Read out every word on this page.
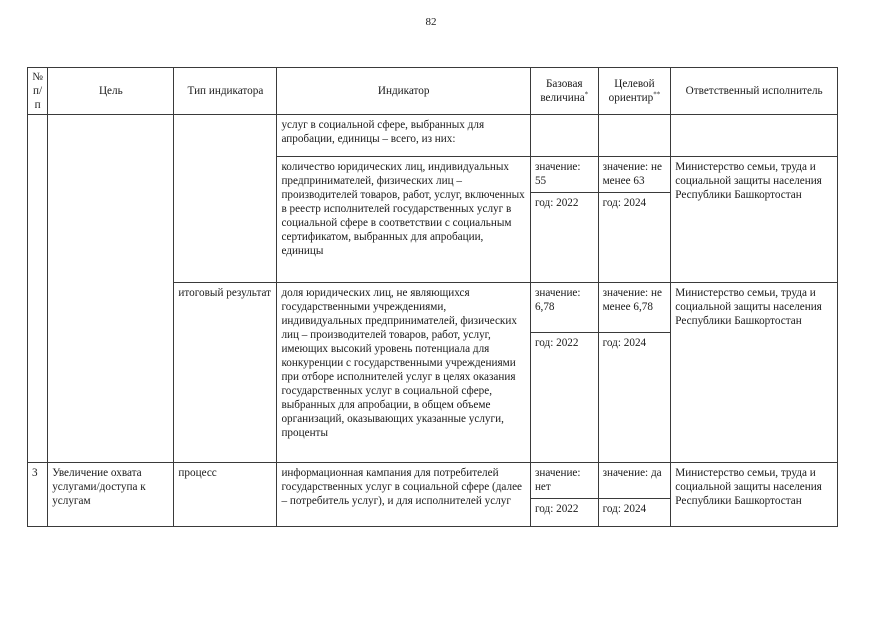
82
№ п/п	Цель	Тип индикатора	Индикатор	Базовая величина*	Целевой ориентир**	Ответственный исполнитель
			услуг в социальной сфере, выбранных для апробации, единицы – всего, из них:			
			количество юридических лиц, индивидуальных предпринимателей, физических лиц – производителей товаров, работ, услуг, включенных в реестр исполнителей государственных услуг в социальной сфере в соответствии с социальным сертификатом, выбранных для апробации, единицы	значение: 55	значение: не менее 63	Министерство семьи, труда и социальной защиты населения Республики Башкортостан
				год: 2022	год: 2024	
		итоговый результат	доля юридических лиц, не являющихся государственными учреждениями, индивидуальных предпринимателей, физических лиц – производителей товаров, работ, услуг, имеющих высокий уровень потенциала для конкуренции с государственными учреждениями при отборе исполнителей услуг в целях оказания государственных услуг в социальной сфере, выбранных для апробации, в общем объеме организаций, оказывающих указанные услуги, проценты	значение: 6,78	значение: не менее 6,78	Министерство семьи, труда и социальной защиты населения Республики Башкортостан
				год: 2022	год: 2024	
3	Увеличение охвата услугами/доступа к услугам	процесс	информационная кампания для потребителей государственных услуг в социальной сфере (далее – потребитель услуг), и для исполнителей услуг	значение: нет	значение: да	Министерство семьи, труда и социальной защиты населения Республики Башкортостан
				год: 2022	год: 2024	
